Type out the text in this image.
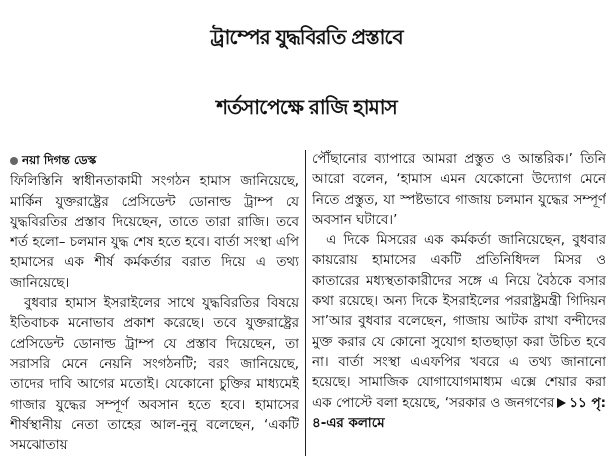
ট্রাম্পের যুদ্ধবিরতি প্রস্তাবে
শর্তসাপেক্ষে রাজি হামাস
নয়া দিগন্ত ডেস্ক

ফিলিস্তিনি স্বাধীনতাকামী সংগঠন হামাস জানিয়েছে, মার্কিন যুক্তরাষ্ট্রের প্রেসিডেন্ট ডোনাল্ড ট্রাম্প যে যুদ্ধবিরতির প্রস্তাব দিয়েছেন, তাতে তারা রাজি। তবে শর্ত হলো– চলমান যুদ্ধ শেষ হতে হবে। বার্তা সংস্থা এপি হামাসের এক শীর্ষ কর্মকর্তার বরাত দিয়ে এ তথ্য জানিয়েছে।

বুধবার হামাস ইসরাইলের সাথে যুদ্ধবিরতির বিষয়ে ইতিবাচক মনোভাব প্রকাশ করেছে। তবে যুক্তরাষ্ট্রের প্রেসিডেন্ট ডোনাল্ড ট্রাম্প যে প্রস্তাব দিয়েছেন, তা সরাসরি মেনে নেয়নি সংগঠনটি; বরং জানিয়েছে, তাদের দাবি আগের মতোই। যেকোনো চুক্তির মাধ্যমেই গাজার যুদ্ধের সম্পূর্ণ অবসান হতে হবে। হামাসের শীর্ষস্থানীয় নেতা তাহের আল-নুনু বলেছেন, ‘একটি সমঝোতায়

পৌঁছানোর ব্যাপারে আমরা প্রস্তুত ও আন্তরিক।’ তিনি আরো বলেন, ‘হামাস এমন যেকোনো উদ্যোগ মেনে নিতে প্রস্তুত, যা স্পষ্টভাবে গাজায় চলমান যুদ্ধের সম্পূর্ণ অবসান ঘটাবে।’

এ দিকে মিসরের এক কর্মকর্তা জানিয়েছেন, বুধবার কায়রোয় হামাসের একটি প্রতিনিধিদল মিসর ও কাতারের মধ্যস্থতাকারীদের সঙ্গে এ নিয়ে বৈঠকে বসার কথা রয়েছে। অন্য দিকে ইসরাইলের পররাষ্ট্রমন্ত্রী গিদিয়ন সা’আর বুধবার বলেছেন, গাজায় আটক রাখা বন্দীদের মুক্ত করার যে কোনো সুযোগ হাতছাড়া করা উচিত হবে না। বার্তা সংস্থা এএফপির খবরে এ তথ্য জানানো হয়েছে। সামাজিক যোগাযোগমাধ্যম এক্সে শেয়ার করা এক পোস্টে বলা হয়েছে, ‘সরকার ও জনগণের ১১ পৃ: ৪-এর কলামে
